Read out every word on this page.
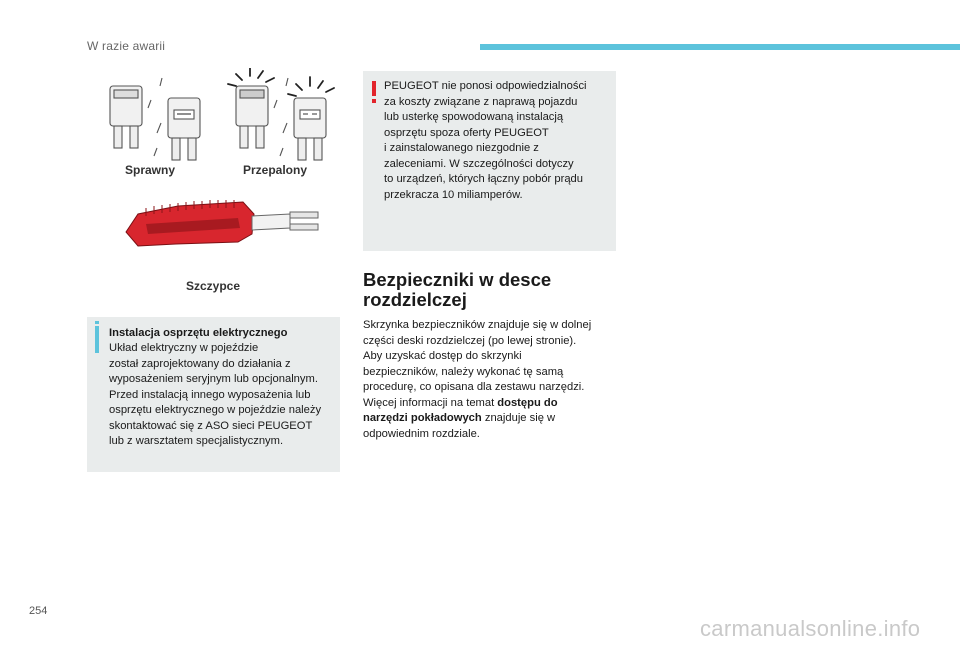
W razie awarii
Sprawny	Przepalony
Szczypce
Instalacja osprzętu elektrycznego

Układ elektryczny w pojeździe
został zaprojektowany do działania z
wyposażeniem seryjnym lub opcjonalnym.
Przed instalacją innego wyposażenia lub
osprzętu elektrycznego w pojeździe należy
skontaktować się z ASO sieci PEUGEOT
lub z warsztatem specjalistycznym.

PEUGEOT nie ponosi odpowiedzialności
za koszty związane z naprawą pojazdu
lub usterkę spowodowaną instalacją
osprzętu spoza oferty PEUGEOT
i zainstalowanego niezgodnie z
zaleceniami. W szczególności dotyczy
to urządzeń, których łączny pobór prądu
przekracza 10 miliamperów.

Bezpieczniki w desce rozdzielczej

Skrzynka bezpieczników znajduje się w dolnej
części deski rozdzielczej (po lewej stronie).
Aby uzyskać dostęp do skrzynki
bezpieczników, należy wykonać tę samą
procedurę, co opisana dla zestawu narzędzi.
Więcej informacji na temat dostępu do
narzędzi pokładowych znajduje się w
odpowiednim rozdziale.

254
carmanualsonline.info
